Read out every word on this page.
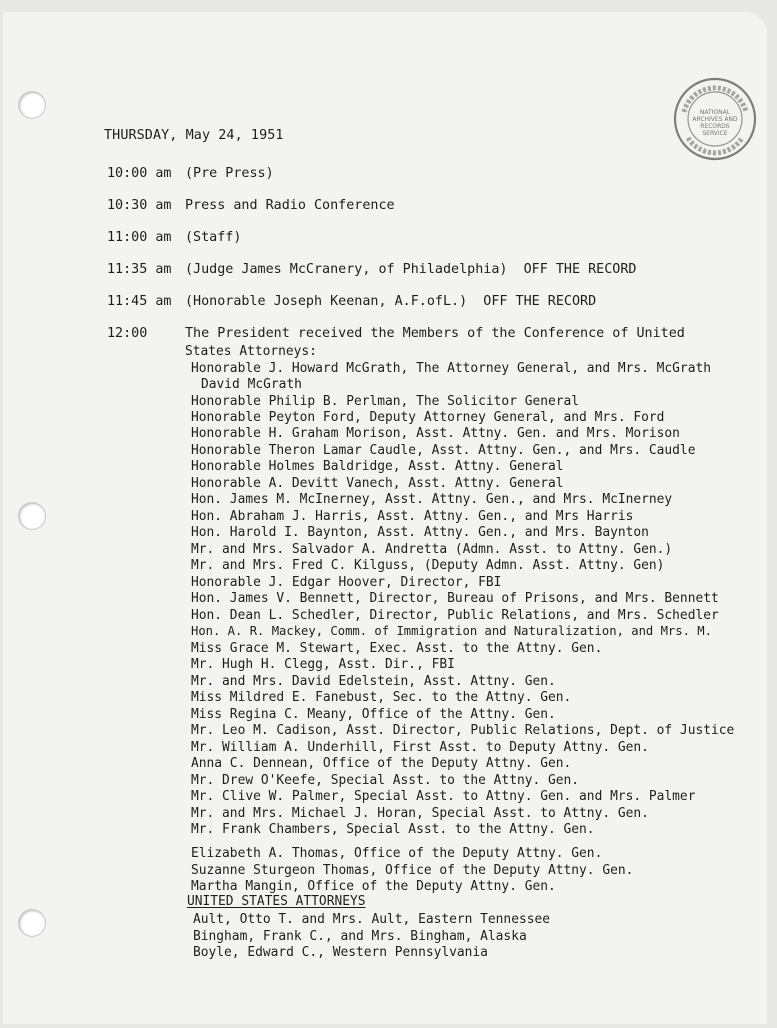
NATIONAL
ARCHIVES AND
RECORDS
SERVICE
THURSDAY, May 24, 1951
10:00 am (Pre Press)
10:30 am Press and Radio Conference
11:00 am (Staff)
11:35 am (Judge James McCranery, of Philadelphia)  OFF THE RECORD
11:45 am (Honorable Joseph Keenan, A.F.ofL.)  OFF THE RECORD
12:00	The President received the Members of the Conference of United
States Attorneys:
Honorable J. Howard McGrath, The Attorney General, and Mrs. McGrath
David McGrath
Honorable Philip B. Perlman, The Solicitor General
Honorable Peyton Ford, Deputy Attorney General, and Mrs. Ford
Honorable H. Graham Morison, Asst. Attny. Gen. and Mrs. Morison
Honorable Theron Lamar Caudle, Asst. Attny. Gen., and Mrs. Caudle
Honorable Holmes Baldridge, Asst. Attny. General
Honorable A. Devitt Vanech, Asst. Attny. General
Hon. James M. McInerney, Asst. Attny. Gen., and Mrs. McInerney
Hon. Abraham J. Harris, Asst. Attny. Gen., and Mrs Harris
Hon. Harold I. Baynton, Asst. Attny. Gen., and Mrs. Baynton
Mr. and Mrs. Salvador A. Andretta (Admn. Asst. to Attny. Gen.)
Mr. and Mrs. Fred C. Kilguss, (Deputy Admn. Asst. Attny. Gen)
Honorable J. Edgar Hoover, Director, FBI
Hon. James V. Bennett, Director, Bureau of Prisons, and Mrs. Bennett
Hon. Dean L. Schedler, Director, Public Relations, and Mrs. Schedler
Hon. A. R. Mackey, Comm. of Immigration and Naturalization, and Mrs. M.
Miss Grace M. Stewart, Exec. Asst. to the Attny. Gen.
Mr. Hugh H. Clegg, Asst. Dir., FBI
Mr. and Mrs. David Edelstein, Asst. Attny. Gen.
Miss Mildred E. Fanebust, Sec. to the Attny. Gen.
Miss Regina C. Meany, Office of the Attny. Gen.
Mr. Leo M. Cadison, Asst. Director, Public Relations, Dept. of Justice
Mr. William A. Underhill, First Asst. to Deputy Attny. Gen.
Anna C. Dennean, Office of the Deputy Attny. Gen.
Mr. Drew O'Keefe, Special Asst. to the Attny. Gen.
Mr. Clive W. Palmer, Special Asst. to Attny. Gen. and Mrs. Palmer
Mr. and Mrs. Michael J. Horan, Special Asst. to Attny. Gen.
Mr. Frank Chambers, Special Asst. to the Attny. Gen.
Elizabeth A. Thomas, Office of the Deputy Attny. Gen.
Suzanne Sturgeon Thomas, Office of the Deputy Attny. Gen.
Martha Mangin, Office of the Deputy Attny. Gen.
UNITED STATES ATTORNEYS
Ault, Otto T. and Mrs. Ault, Eastern Tennessee
Bingham, Frank C., and Mrs. Bingham, Alaska
Boyle, Edward C., Western Pennsylvania
